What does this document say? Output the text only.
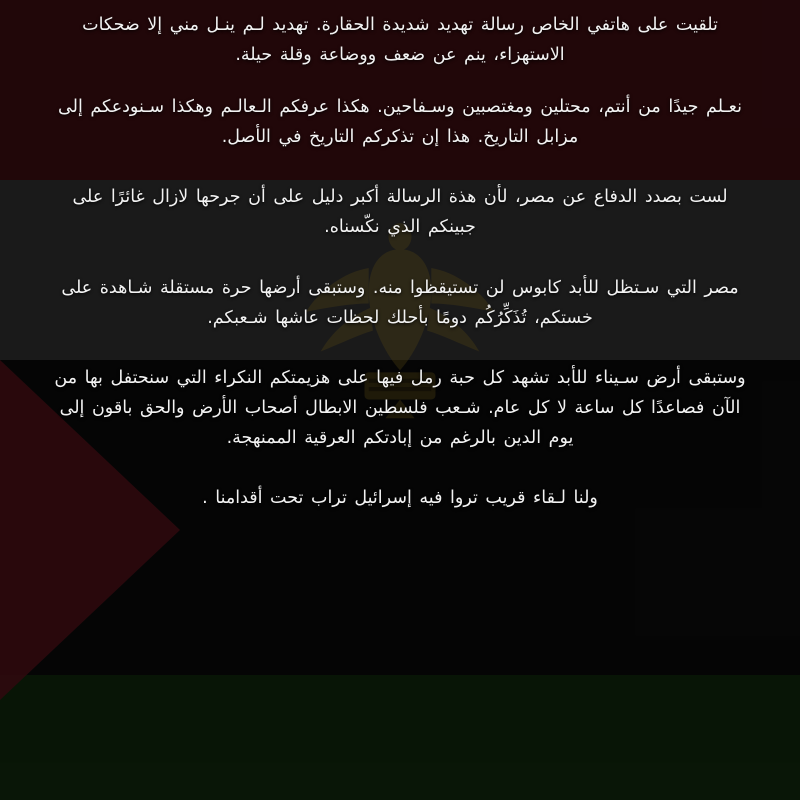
تلقيت على هاتفي الخاص رسالة تهديد شديدة الحقارة. تهديد لـم ينـل مني إلا ضحكات الاستهزاء، ينم عن ضعف ووضاعة وقلة حيلة.

نعـلم جيدًا من أنتم، محتلين ومغتصبين وسـفاحين. هكذا عرفكم الـعالـم وهكذا سـنودعكم إلى مزابل التاريخ. هذا إن تذكركم التاريخ في الأصل.

لست بصدد الدفاع عن مصر، لأن هذة الرسالة أكبر دليل على أن جرحها لازال غائرًا على جبينكم الذي نكّسناه.

مصر التي سـتظل للأبد كابوس لن تستيقظوا منه. وستبقى أرضها حرة مستقلة شـاهدة على خستكم، تُذَكِّرُكُم دومًا بأحلك لحظات عاشها شـعبكم.

وستبقى أرض سـيناء للأبد تشهد كل حبة رمل فيها على هزيمتكم النكراء التي سنحتفل بها من الآن فصاعدًا كل ساعة لا كل عام. شـعب فلسطين الابطال أصحاب الأرض والحق باقون إلى يوم الدين بالرغم من إبادتكم العرقية الممنهجة.

ولنا لـقاء قريب تروا فيه إسرائيل تراب تحت أقدامنا .
